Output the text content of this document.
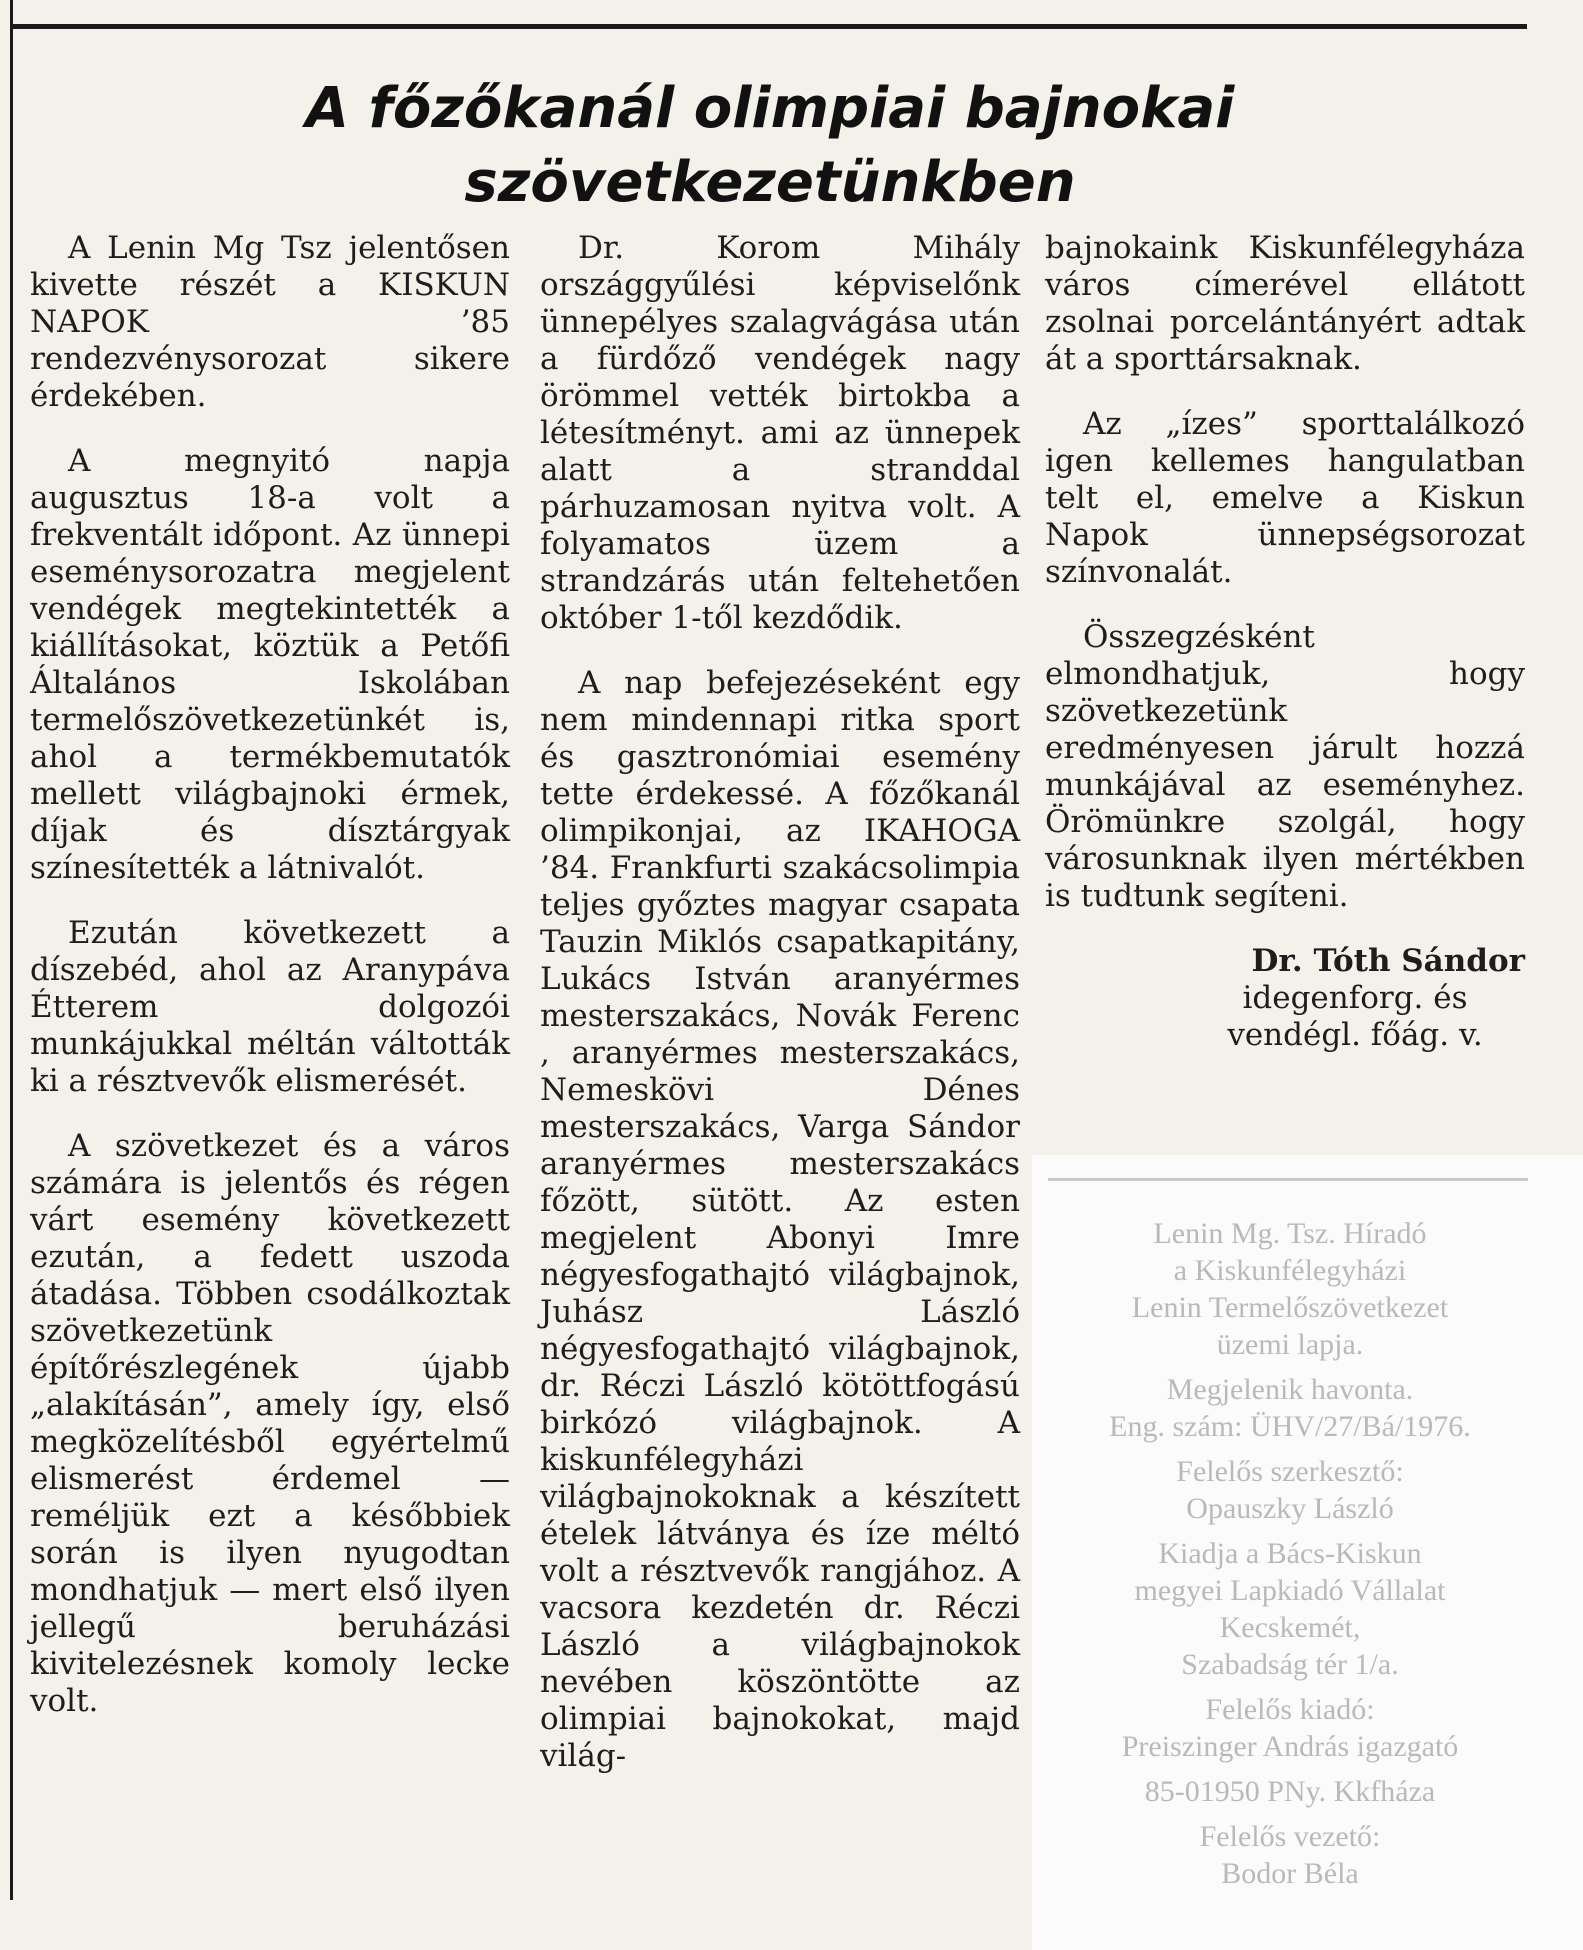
A főzőkanál olimpiai bajnokai
szövetkezetünkben

A Lenin Mg Tsz jelentősen kivette részét a KISKUN NAPOK ’85 rendezvénysorozat sikere érdekében.

A megnyitó napja augusztus 18-a volt a frekventált időpont. Az ünnepi eseménysorozatra megjelent vendégek megtekintették a kiállításokat, köztük a Petőfi Általános Iskolában termelőszövetkezetünkét is, ahol a termékbemutatók mellett világbajnoki érmek, díjak és dísztárgyak színesítették a látnivalót.

Ezután következett a díszebéd, ahol az Aranypáva Étterem dolgozói munkájukkal méltán váltották ki a résztvevők elismerését.

A szövetkezet és a város számára is jelentős és régen várt esemény következett ezután, a fedett uszoda átadása. Többen csodálkoztak szövetkezetünk építőrészlegének újabb „alakításán”, amely így, első megközelítésből egyértelmű elismerést érdemel — reméljük ezt a későbbiek során is ilyen nyugodtan mondhatjuk — mert első ilyen jellegű beruházási kivitelezésnek komoly lecke volt.

Dr. Korom Mihály országgyűlési képviselőnk ünnepélyes szalagvágása után a fürdőző vendégek nagy örömmel vették birtokba a létesítményt. ami az ünnepek alatt a stranddal párhuzamosan nyitva volt. A folyamatos üzem a strandzárás után feltehetően október 1-től kezdődik.

A nap befejezéseként egy nem mindennapi ritka sport és gasztronómiai esemény tette érdekessé. A főzőkanál olimpikonjai, az IKAHOGA ’84. Frankfurti szakácsolimpia teljes győztes magyar csapata Tauzin Miklós csapatkapitány, Lukács István aranyérmes mesterszakács, Novák Ferenc , aranyérmes mesterszakács, Nemeskövi Dénes mesterszakács, Varga Sándor aranyérmes mesterszakács főzött, sütött. Az esten megjelent Abonyi Imre négyesfogathajtó világbajnok, Juhász László négyesfogathajtó világbajnok, dr. Réczi László kötöttfogású birkózó világbajnok. A kiskunfélegyházi világbajnokoknak a készített ételek látványa és íze méltó volt a résztvevők rangjához. A vacsora kezdetén dr. Réczi László a világbajnokok nevében köszöntötte az olimpiai bajnokokat, majd világ-

bajnokaink Kiskunfélegyháza város címerével ellátott zsolnai porcelántányért adtak át a sporttársaknak.

Az „ízes” sporttalálkozó igen kellemes hangulatban telt el, emelve a Kiskun Napok ünnepségsorozat színvonalát.

Összegzésként elmondhatjuk, hogy szövetkezetünk eredményesen járult hozzá munkájával az eseményhez. Örömünkre szolgál, hogy városunknak ilyen mértékben is tudtunk segíteni.

Dr. Tóth Sándor
idegenforg. és
vendégl. főág. v.
Lenin Mg. Tsz. Híradó
a Kiskunfélegyházi
Lenin Termelőszövetkezet
üzemi lapja.
Megjelenik havonta.
Eng. szám: ÜHV/27/Bá/1976.
Felelős szerkesztő:
Opauszky László
Kiadja a Bács-Kiskun
megyei Lapkiadó Vállalat
Kecskemét,
Szabadság tér 1/a.
Felelős kiadó:
Preiszinger András igazgató
85-01950 PNy. Kkfháza
Felelős vezető:
Bodor Béla
